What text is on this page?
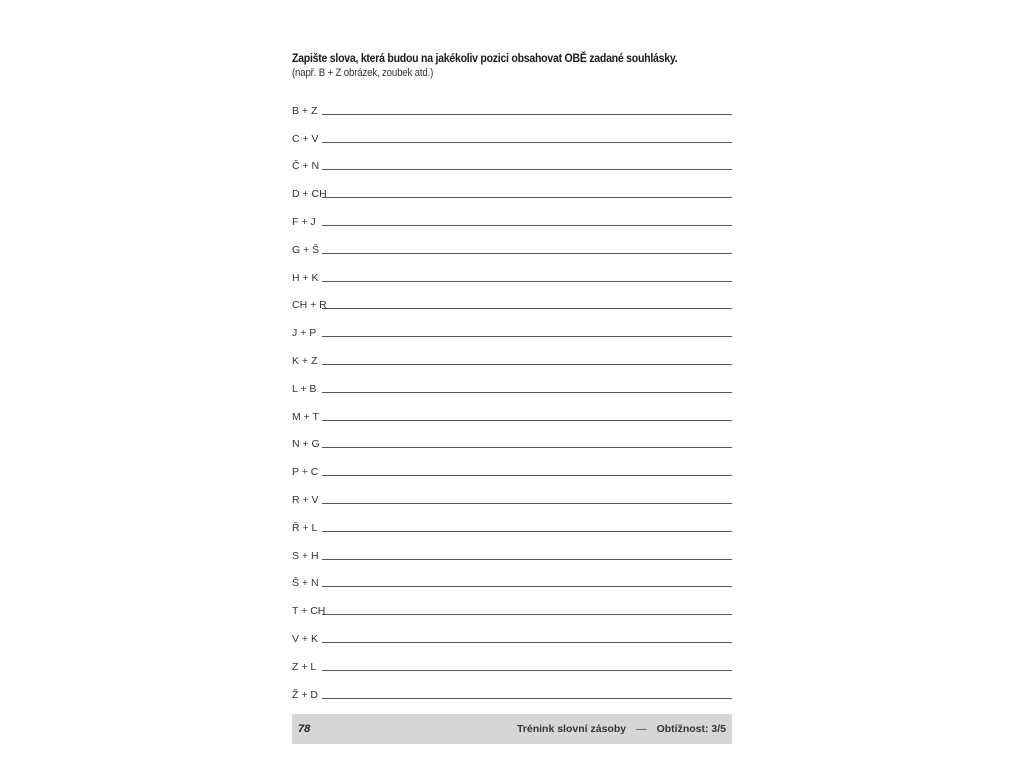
Zapište slova, která budou na jakékoliv pozici obsahovat OBĚ zadané souhlásky.
(např. B + Z obrázek, zoubek atd.)
B + Z
C + V
Č + N
D + CH
F + J
G + Š
H + K
CH + R
J + P
K + Z
L + B
M + T
N + G
P + C
R + V
Ř + L
S + H
Š + N
T + CH
V + K
Z + L
Ž + D
78	Trénink slovní zásoby — Obtížnost: 3/5
